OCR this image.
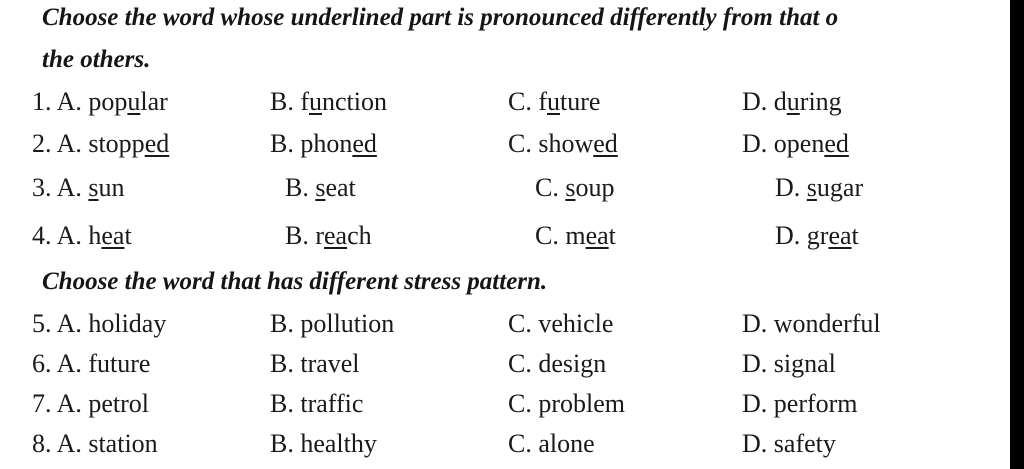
Choose the word whose underlined part is pronounced differently from that o
the others.
1. A. popular	B. function	C. future	D. during
2. A. stopped	B. phoned	C. showed	D. opened
3. A. sun	B. seat	C. soup	D. sugar
4. A. heat	B. reach	C. meat	D. great
Choose the word that has different stress pattern.
5. A. holiday	B. pollution	C. vehicle	D. wonderful
6. A. future	B. travel	C. design	D. signal
7. A. petrol	B. traffic	C. problem	D. perform
8. A. station	B. healthy	C. alone	D. safety
